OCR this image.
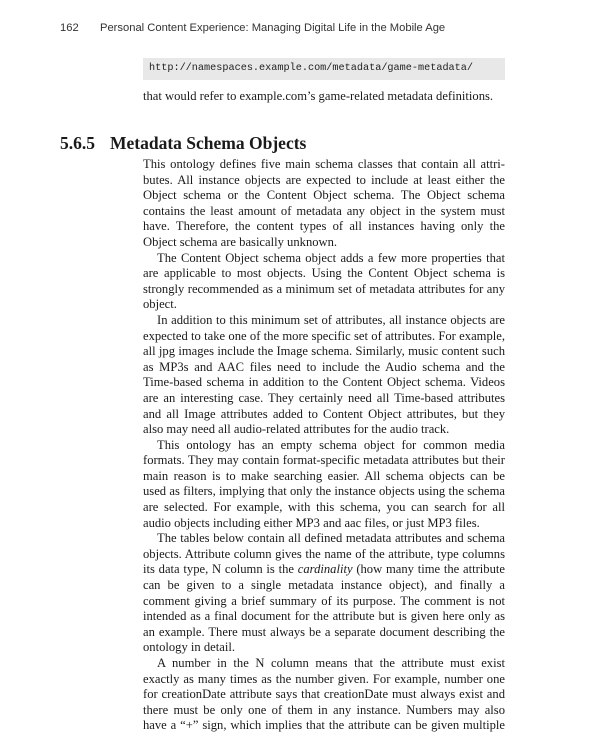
162 Personal Content Experience: Managing Digital Life in the Mobile Age
http://namespaces.example.com/metadata/game-metadata/
that would refer to example.com’s game-related metadata definitions.
5.6.5 Metadata Schema Objects

This ontology defines five main schema classes that contain all attributes. All instance objects are expected to include at least either the Object schema or the Content Object schema. The Object schema contains the least amount of metadata any object in the system must have. Therefore, the content types of all instances having only the Object schema are basically unknown.

The Content Object schema object adds a few more properties that are applicable to most objects. Using the Content Object schema is strongly recommended as a minimum set of metadata attributes for any object.

In addition to this minimum set of attributes, all instance objects are expected to take one of the more specific set of attributes. For example, all jpg images include the Image schema. Similarly, music content such as MP3s and AAC files need to include the Audio schema and the Time-based schema in addition to the Content Object schema. Videos are an interesting case. They certainly need all Time-based attributes and all Image attributes added to Content Object attributes, but they also may need all audio-related attributes for the audio track.

This ontology has an empty schema object for common media formats. They may contain format-specific metadata attributes but their main reason is to make searching easier. All schema objects can be used as filters, implying that only the instance objects using the schema are selected. For example, with this schema, you can search for all audio objects including either MP3 and aac files, or just MP3 files.

The tables below contain all defined metadata attributes and schema objects. Attribute column gives the name of the attribute, type columns its data type, N column is the cardinality (how many time the attribute can be given to a single metadata instance object), and finally a comment giving a brief summary of its purpose. The comment is not intended as a final document for the attribute but is given here only as an example. There must always be a separate document describing the ontology in detail.

A number in the N column means that the attribute must exist exactly as many times as the number given. For example, number one for creationDate attribute says that creationDate must always exist and there must be only one of them in any instance. Numbers may also have a “+” sign, which implies that the attribute can be given multiple
